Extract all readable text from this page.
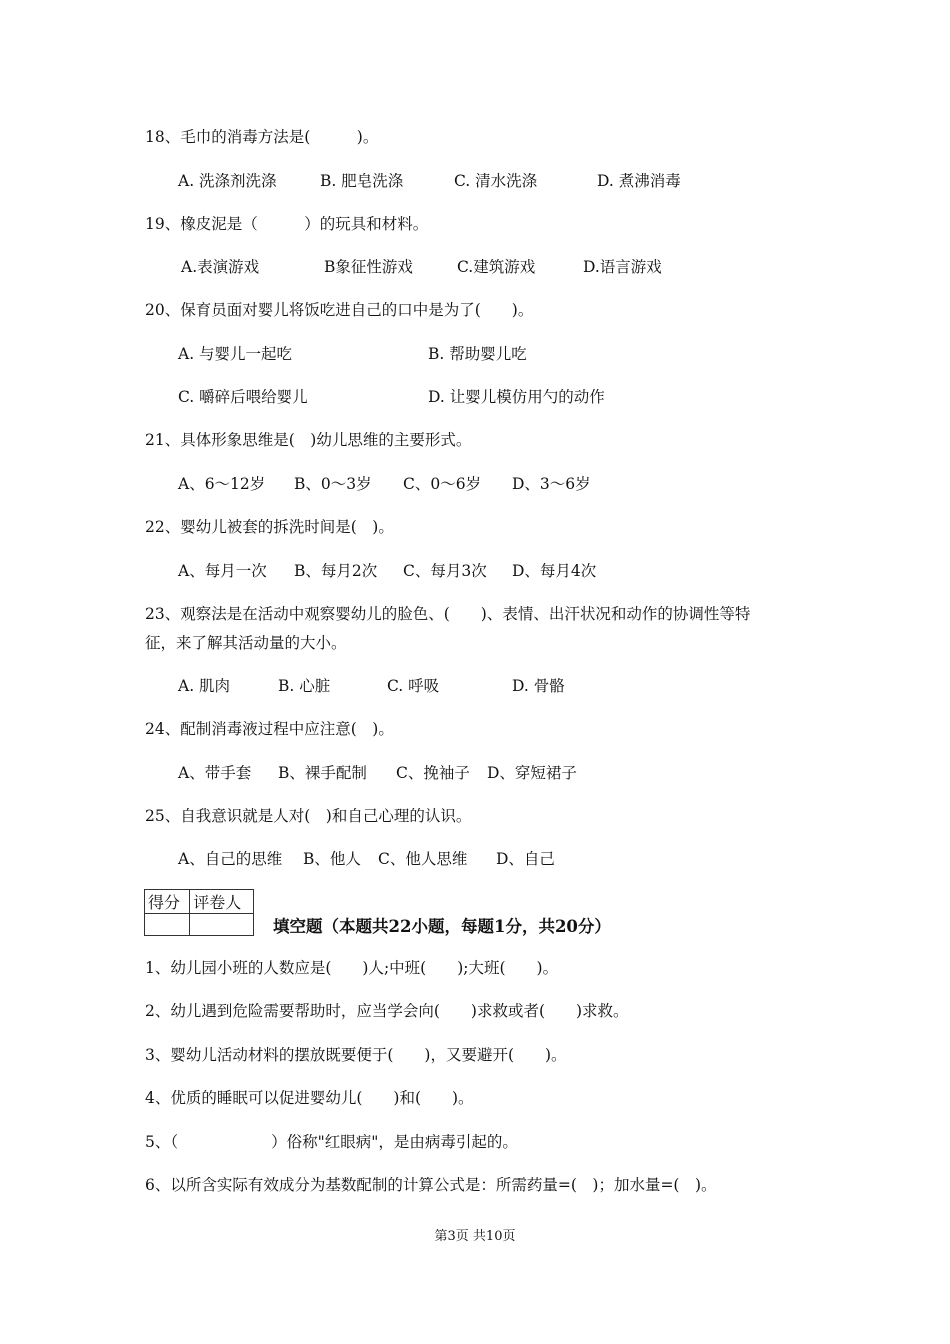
18、毛巾的消毒方法是(　　　)。
A. 洗涤剂洗涤	B. 肥皂洗涤	C. 清水洗涤	D. 煮沸消毒
19、橡皮泥是（　　　）的玩具和材料。
A.表演游戏	B象征性游戏	C.建筑游戏	D.语言游戏
20、保育员面对婴儿将饭吃进自己的口中是为了(　　)。
A. 与婴儿一起吃	B. 帮助婴儿吃
C. 嚼碎后喂给婴儿	D. 让婴儿模仿用勺的动作
21、具体形象思维是(　)幼儿思维的主要形式。
A、6～12岁 B、0～3岁 C、0～6岁 D、3～6岁
22、婴幼儿被套的拆洗时间是(　)。
A、每月一次 B、每月2次 C、每月3次 D、每月4次
23、观察法是在活动中观察婴幼儿的脸色、(　　)、表情、出汗状况和动作的协调性等特
征，来了解其活动量的大小。
A. 肌肉	B. 心脏	C. 呼吸	D. 骨骼
24、配制消毒液过程中应注意(　)。
A、带手套 B、裸手配制 C、挽袖子 D、穿短裙子
25、自我意识就是人对(　)和自己心理的认识。
A、自己的思维 B、他人 C、他人思维 D、自己
得分	评卷人

填空题（本题共22小题，每题1分，共20分）
1、幼儿园小班的人数应是(　　)人;中班(　　);大班(　　)。
2、幼儿遇到危险需要帮助时，应当学会向(　　)求救或者(　　)求救。
3、婴幼儿活动材料的摆放既要便于(　　)，又要避开(　　)。
4、优质的睡眠可以促进婴幼儿(　　)和(　　)。
5、（　　　　　　）俗称"红眼病"，是由病毒引起的。
6、以所含实际有效成分为基数配制的计算公式是：所需药量=(　)；加水量=(　)。
第3页 共10页
